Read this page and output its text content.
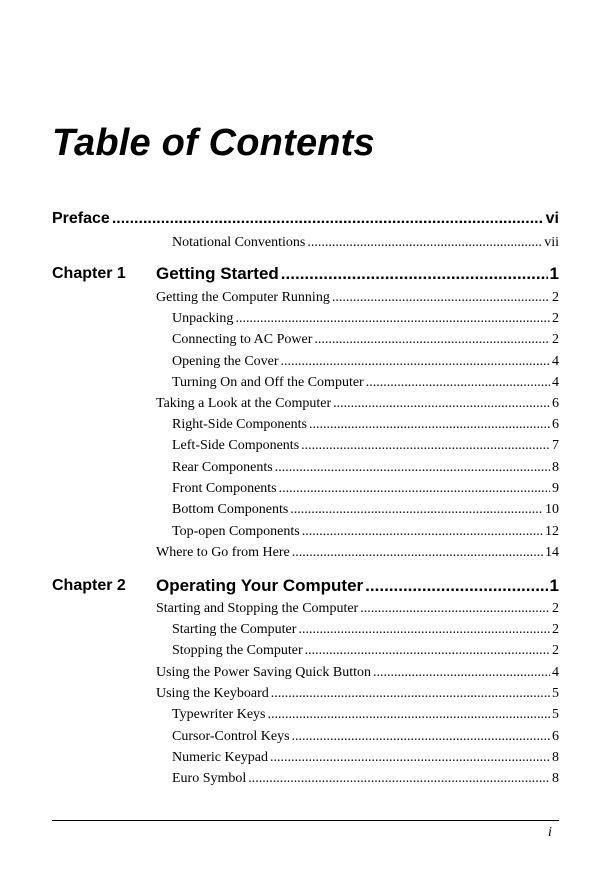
Table of Contents
Preface .....	vi
Notational Conventions .....	vii
Chapter 1 Getting Started .....	1
Getting the Computer Running .....	2
Unpacking .....	2
Connecting to AC Power .....	2
Opening the Cover .....	4
Turning On and Off the Computer .....	4
Taking a Look at the Computer .....	6
Right-Side Components .....	6
Left-Side Components .....	7
Rear Components .....	8
Front Components .....	9
Bottom Components .....	10
Top-open Components .....	12
Where to Go from Here .....	14
Chapter 2 Operating Your Computer .....	1
Starting and Stopping the Computer .....	2
Starting the Computer .....	2
Stopping the Computer .....	2
Using the Power Saving Quick Button .....	4
Using the Keyboard .....	5
Typewriter Keys .....	5
Cursor-Control Keys .....	6
Numeric Keypad .....	8
Euro Symbol .....	8
i
